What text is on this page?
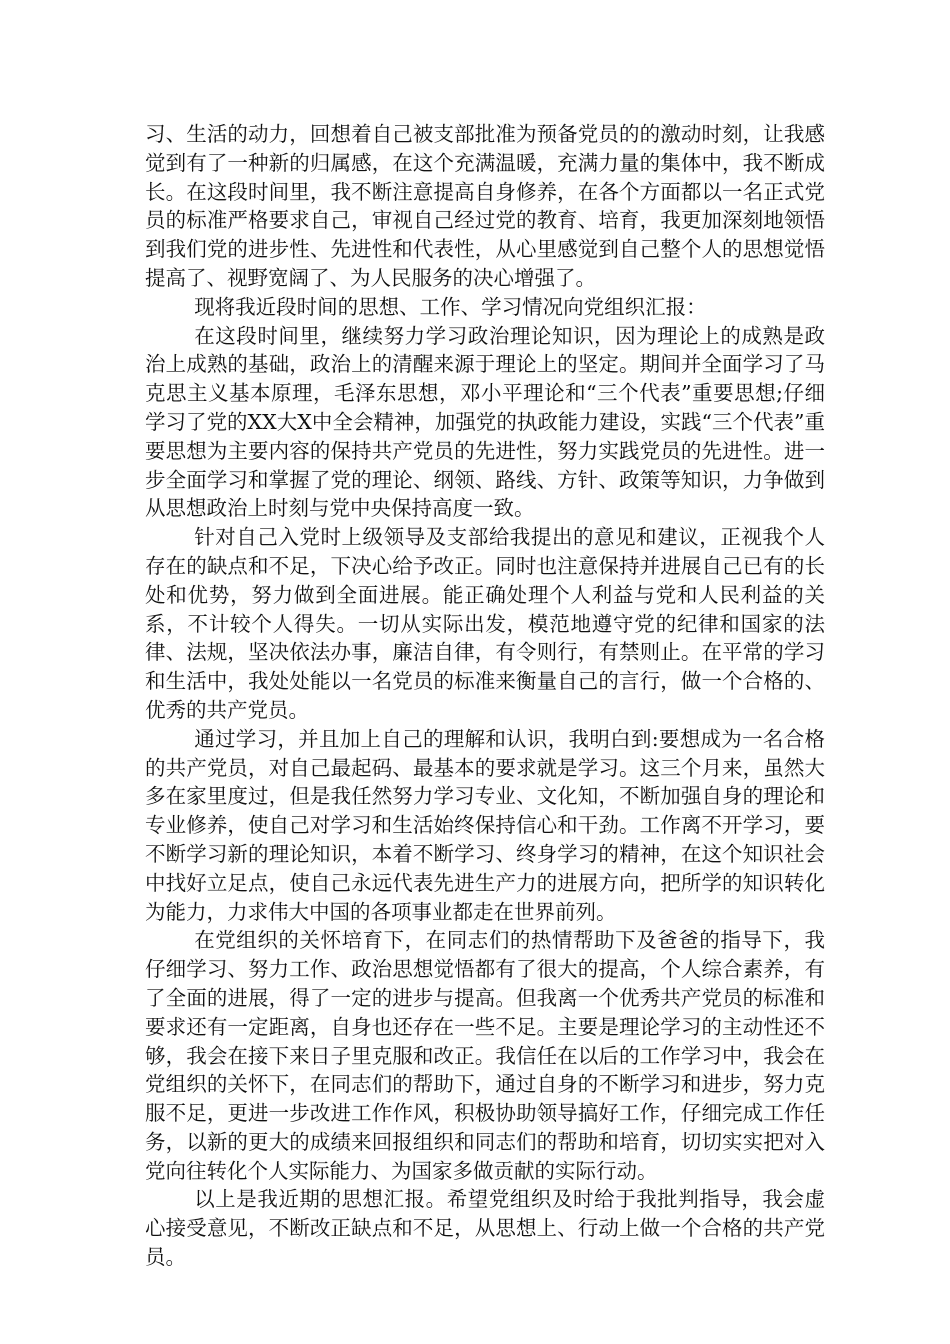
习、生活的动力，回想着自己被支部批准为预备党员的的激动时刻，让我感觉到有了一种新的归属感，在这个充满温暖，充满力量的集体中，我不断成长。在这段时间里，我不断注意提高自身修养，在各个方面都以一名正式党员的标准严格要求自己，审视自己经过党的教育、培育，我更加深刻地领悟到我们党的进步性、先进性和代表性，从心里感觉到自己整个人的思想觉悟提高了、视野宽阔了、为人民服务的决心增强了。

现将我近段时间的思想、工作、学习情况向党组织汇报：

在这段时间里，继续努力学习政治理论知识，因为理论上的成熟是政治上成熟的基础，政治上的清醒来源于理论上的坚定。期间并全面学习了马克思主义基本原理，毛泽东思想，邓小平理论和“三个代表”重要思想;仔细学习了党的XX大X中全会精神，加强党的执政能力建设，实践“三个代表”重要思想为主要内容的保持共产党员的先进性，努力实践党员的先进性。进一步全面学习和掌握了党的理论、纲领、路线、方针、政策等知识，力争做到从思想政治上时刻与党中央保持高度一致。

针对自己入党时上级领导及支部给我提出的意见和建议，正视我个人存在的缺点和不足，下决心给予改正。同时也注意保持并进展自己已有的长处和优势，努力做到全面进展。能正确处理个人利益与党和人民利益的关系，不计较个人得失。一切从实际出发，模范地遵守党的纪律和国家的法律、法规，坚决依法办事，廉洁自律，有令则行，有禁则止。在平常的学习和生活中，我处处能以一名党员的标准来衡量自己的言行，做一个合格的、优秀的共产党员。

通过学习，并且加上自己的理解和认识，我明白到:要想成为一名合格的共产党员，对自己最起码、最基本的要求就是学习。这三个月来，虽然大多在家里度过，但是我任然努力学习专业、文化知，不断加强自身的理论和专业修养，使自己对学习和生活始终保持信心和干劲。工作离不开学习，要不断学习新的理论知识，本着不断学习、终身学习的精神，在这个知识社会中找好立足点，使自己永远代表先进生产力的进展方向，把所学的知识转化为能力，力求伟大中国的各项事业都走在世界前列。

在党组织的关怀培育下，在同志们的热情帮助下及爸爸的指导下，我仔细学习、努力工作、政治思想觉悟都有了很大的提高，个人综合素养，有了全面的进展，得了一定的进步与提高。但我离一个优秀共产党员的标准和要求还有一定距离，自身也还存在一些不足。主要是理论学习的主动性还不够，我会在接下来日子里克服和改正。我信任在以后的工作学习中，我会在党组织的关怀下，在同志们的帮助下，通过自身的不断学习和进步，努力克服不足，更进一步改进工作作风，积极协助领导搞好工作，仔细完成工作任务，以新的更大的成绩来回报组织和同志们的帮助和培育，切切实实把对入党向往转化个人实际能力、为国家多做贡献的实际行动。

以上是我近期的思想汇报。希望党组织及时给于我批判指导，我会虚心接受意见，不断改正缺点和不足，从思想上、行动上做一个合格的共产党员。
